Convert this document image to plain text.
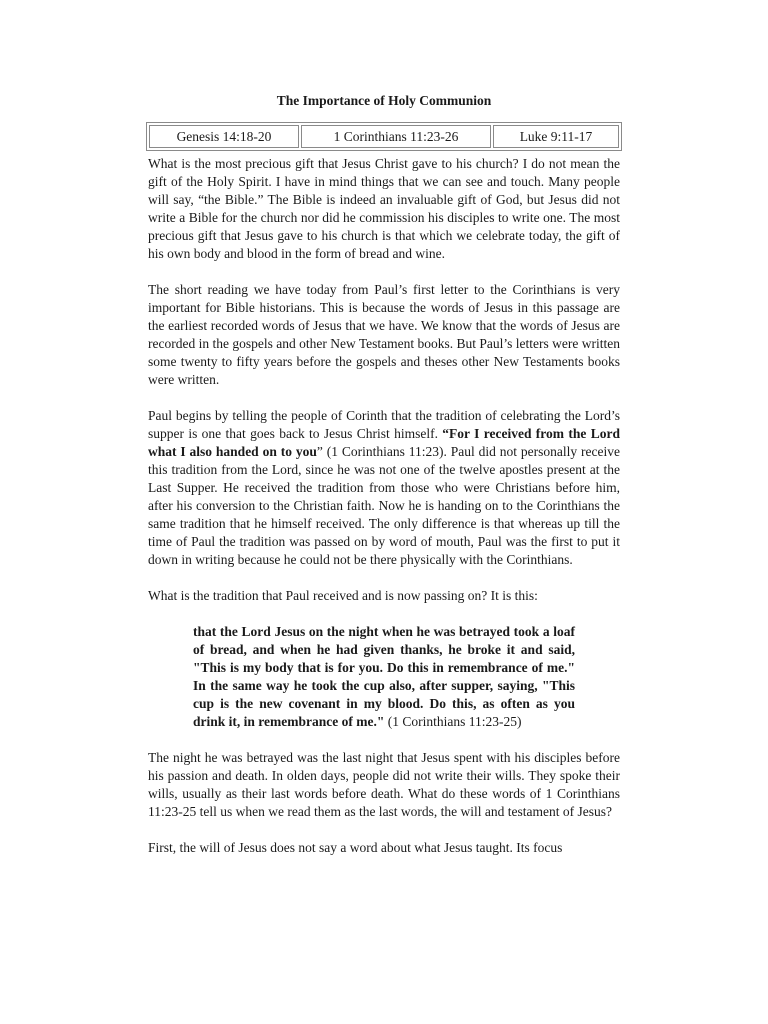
The Importance of Holy Communion
Genesis 14:18-20	1 Corinthians 11:23-26	Luke 9:11-17

What is the most precious gift that Jesus Christ gave to his church? I do not mean the gift of the Holy Spirit. I have in mind things that we can see and touch. Many people will say, “the Bible.” The Bible is indeed an invaluable gift of God, but Jesus did not write a Bible for the church nor did he commission his disciples to write one. The most precious gift that Jesus gave to his church is that which we celebrate today, the gift of his own body and blood in the form of bread and wine.

The short reading we have today from Paul’s first letter to the Corinthians is very important for Bible historians. This is because the words of Jesus in this passage are the earliest recorded words of Jesus that we have. We know that the words of Jesus are recorded in the gospels and other New Testament books. But Paul’s letters were written some twenty to fifty years before the gospels and theses other New Testaments books were written.

Paul begins by telling the people of Corinth that the tradition of celebrating the Lord’s supper is one that goes back to Jesus Christ himself. “For I received from the Lord what I also handed on to you” (1 Corinthians 11:23). Paul did not personally receive this tradition from the Lord, since he was not one of the twelve apostles present at the Last Supper. He received the tradition from those who were Christians before him, after his conversion to the Christian faith. Now he is handing on to the Corinthians the same tradition that he himself received. The only difference is that whereas up till the time of Paul the tradition was passed on by word of mouth, Paul was the first to put it down in writing because he could not be there physically with the Corinthians.

What is the tradition that Paul received and is now passing on? It is this:

that the Lord Jesus on the night when he was betrayed took a loaf of bread, and when he had given thanks, he broke it and said, "This is my body that is for you. Do this in remembrance of me." In the same way he took the cup also, after supper, saying, "This cup is the new covenant in my blood. Do this, as often as you drink it, in remembrance of me." (1 Corinthians 11:23-25)

The night he was betrayed was the last night that Jesus spent with his disciples before his passion and death. In olden days, people did not write their wills. They spoke their wills, usually as their last words before death. What do these words of 1 Corinthians 11:23-25 tell us when we read them as the last words, the will and testament of Jesus?

First, the will of Jesus does not say a word about what Jesus taught. Its focus
